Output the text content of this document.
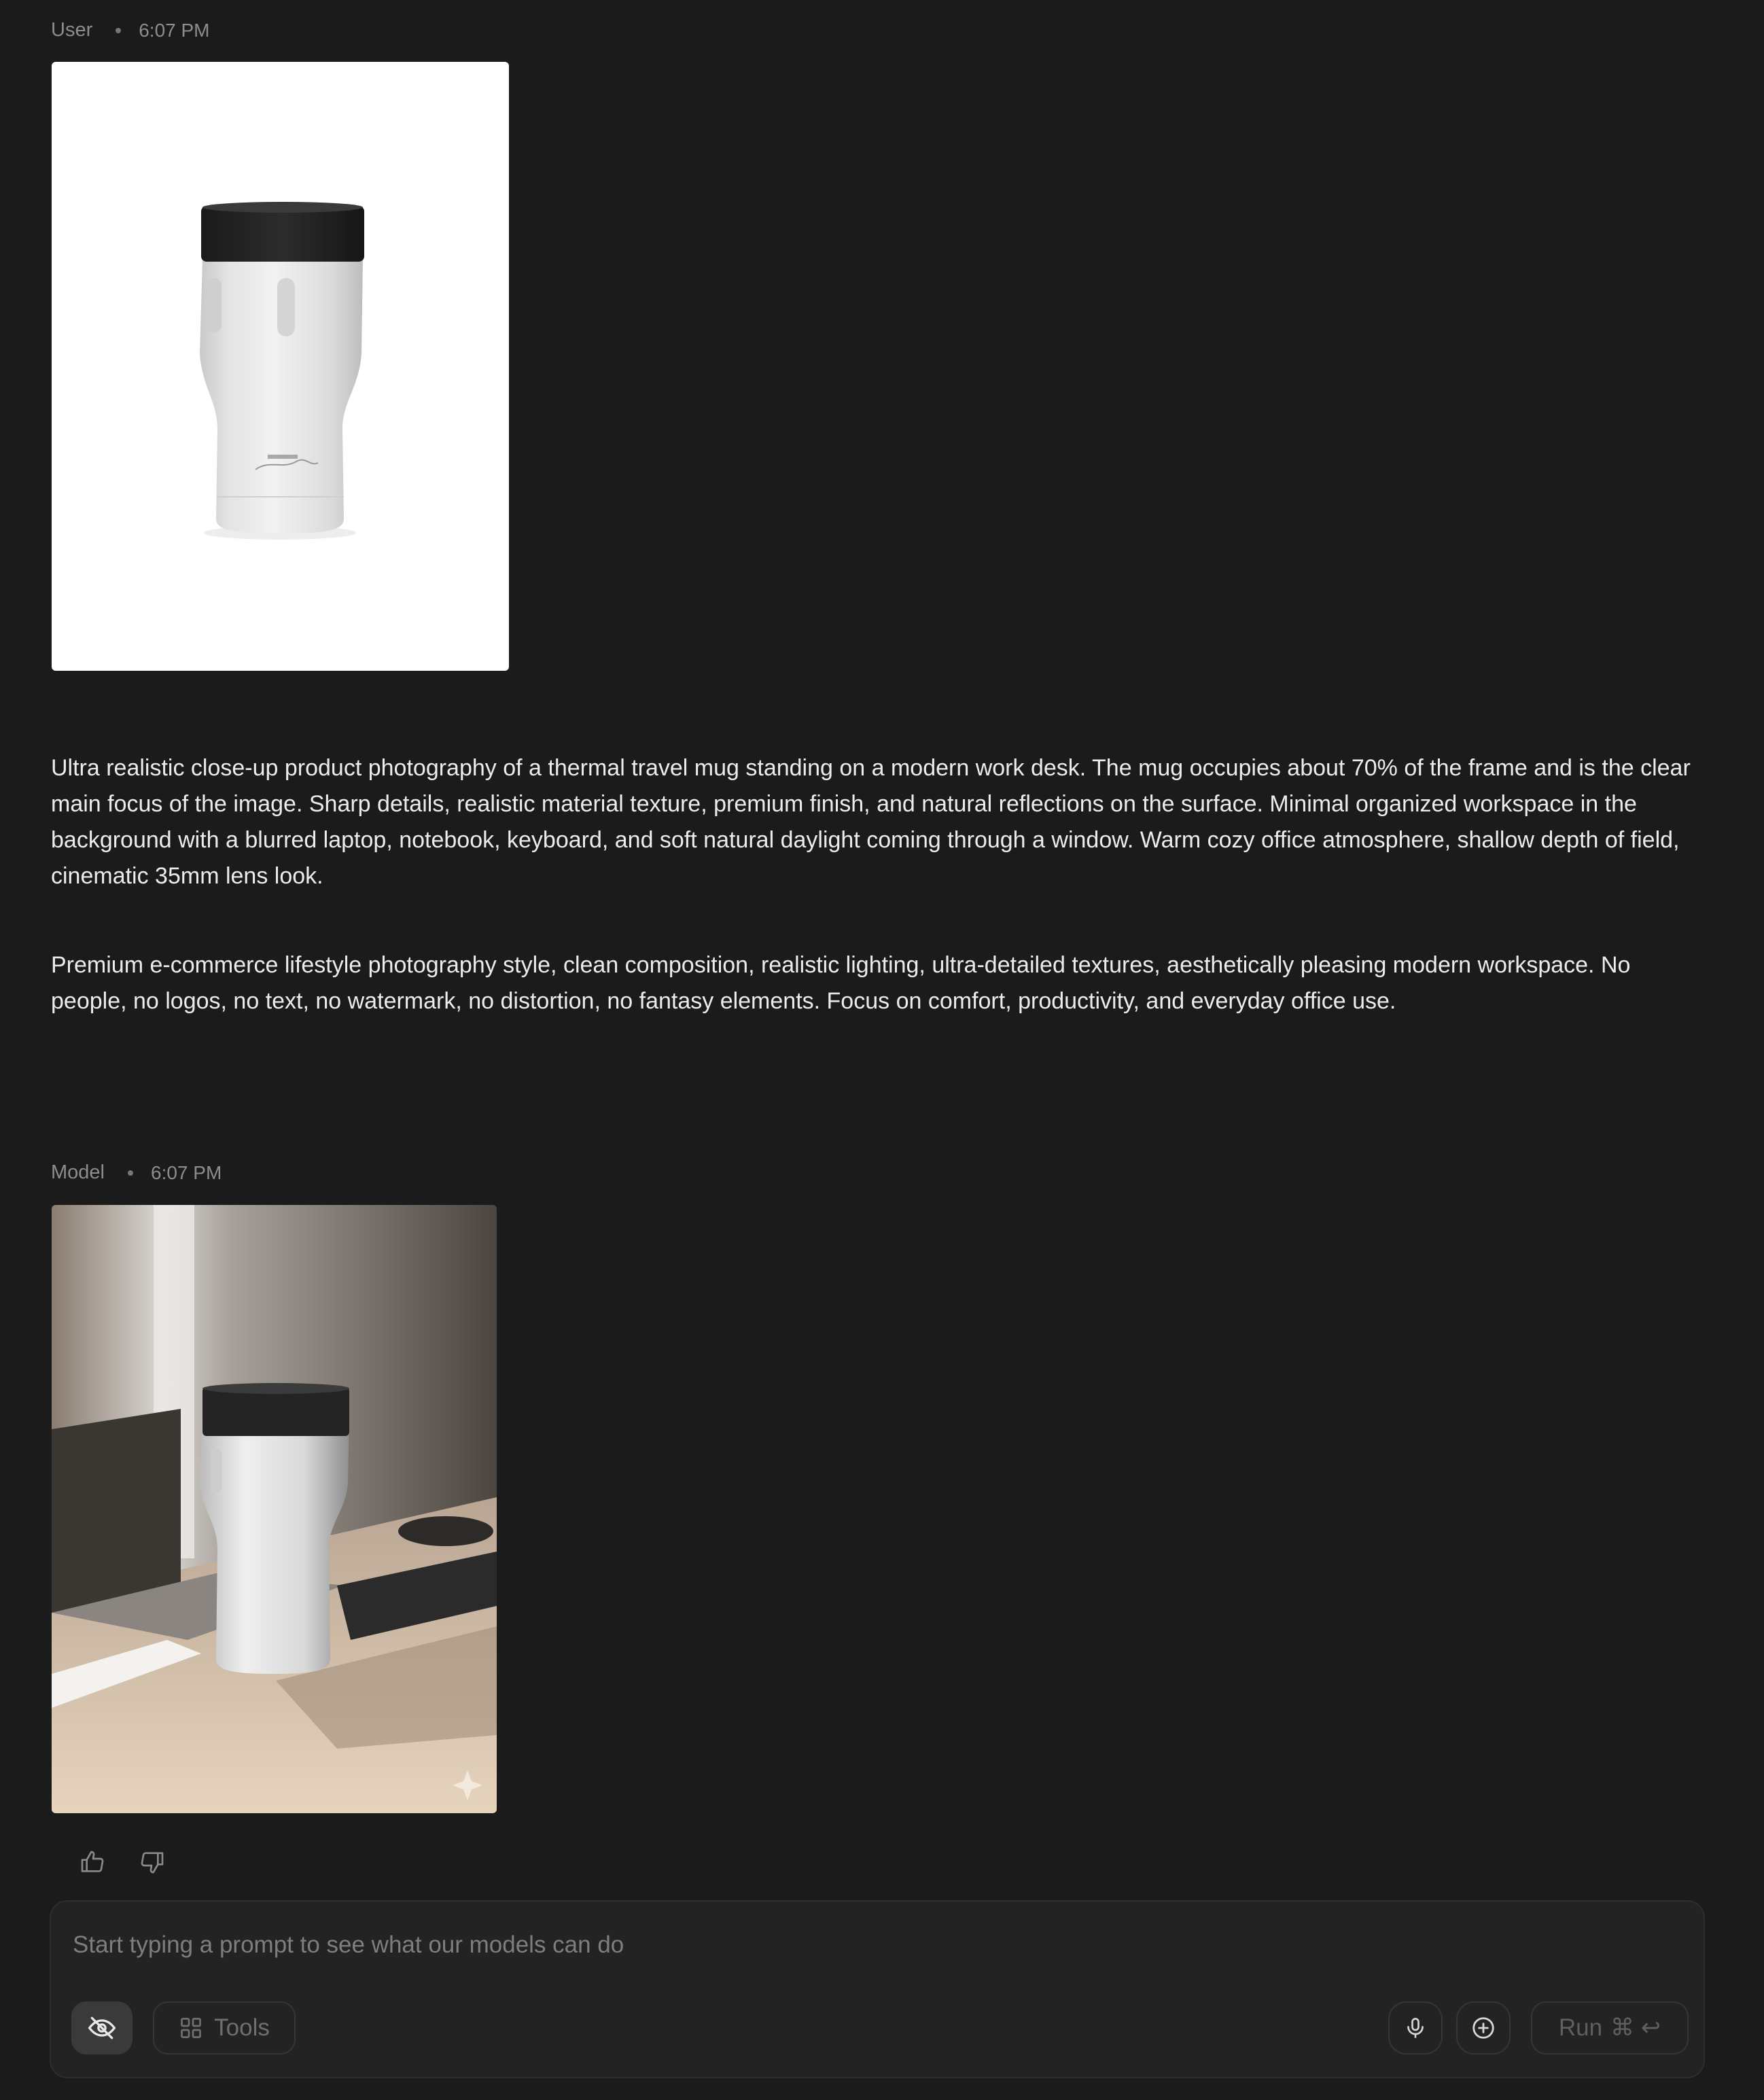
User 6:07 PM
Ultra realistic close-up product photography of a thermal travel mug standing on a modern work desk. The mug occupies about 70% of the frame and is the clear main focus of the image. Sharp details, realistic material texture, premium finish, and natural reflections on the surface. Minimal organized workspace in the background with a blurred laptop, notebook, keyboard, and soft natural daylight coming through a window. Warm cozy office atmosphere, shallow depth of field, cinematic 35mm lens look.
Premium e-commerce lifestyle photography style, clean composition, realistic lighting, ultra-detailed textures, aesthetically pleasing modern workspace. No people, no logos, no text, no watermark, no distortion, no fantasy elements. Focus on comfort, productivity, and everyday office use.
Model 6:07 PM
Start typing a prompt to see what our models can do
Tools	Run ⌘ ↩
